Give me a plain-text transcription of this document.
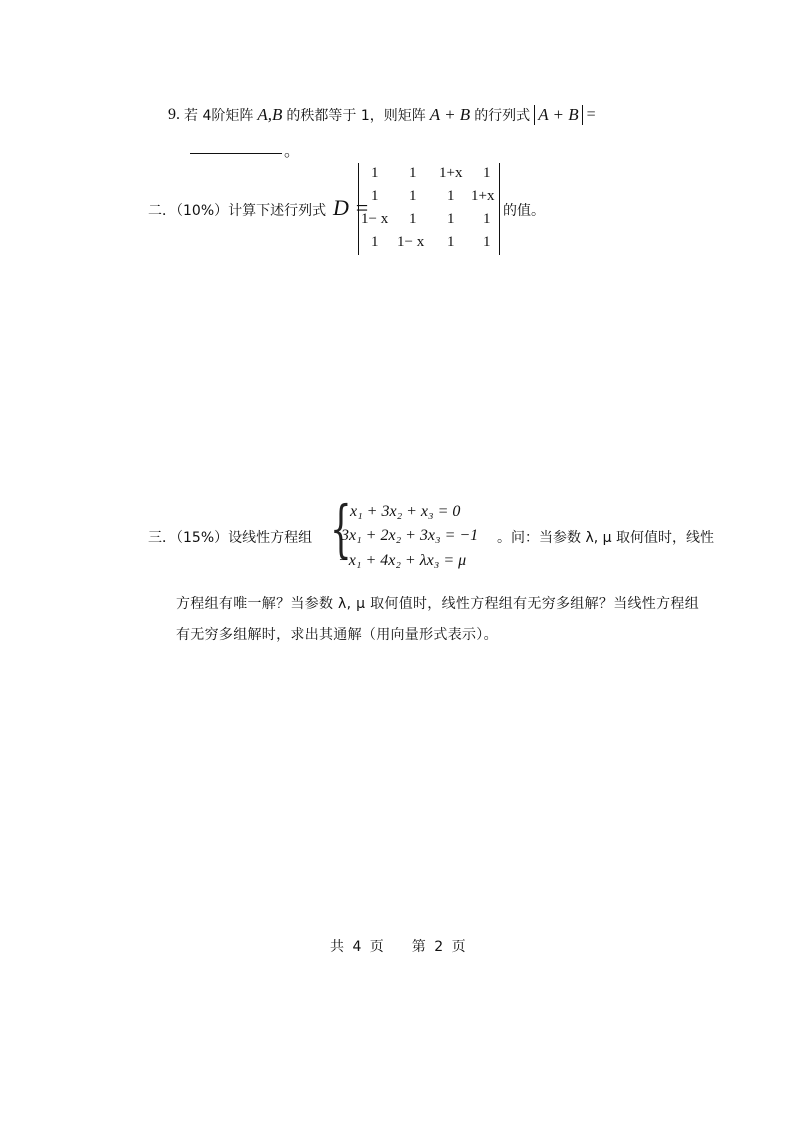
9. 若 4阶矩阵 A,B 的秩都等于 1，则矩阵 A + B 的行列式 A + B =
。
二．（10%）计算下述行列式 D =
1 1 1+x 1
1 1 1 1+x
1− x 1 1 1
1 1− x 1 1
的值。
三．（15%）设线性方程组 {
x₁ + 3x₂ + x₃ = 0
3x₁ + 2x₂ + 3x₃ = −1
−x₁ + 4x₂ + λx₃ = μ
。问：当参数 λ, μ 取何值时，线性
方程组有唯一解？当参数 λ, μ 取何值时，线性方程组有无穷多组解？当线性方程组
有无穷多组解时，求出其通解（用向量形式表示）。
共 4 页　　第 2 页
